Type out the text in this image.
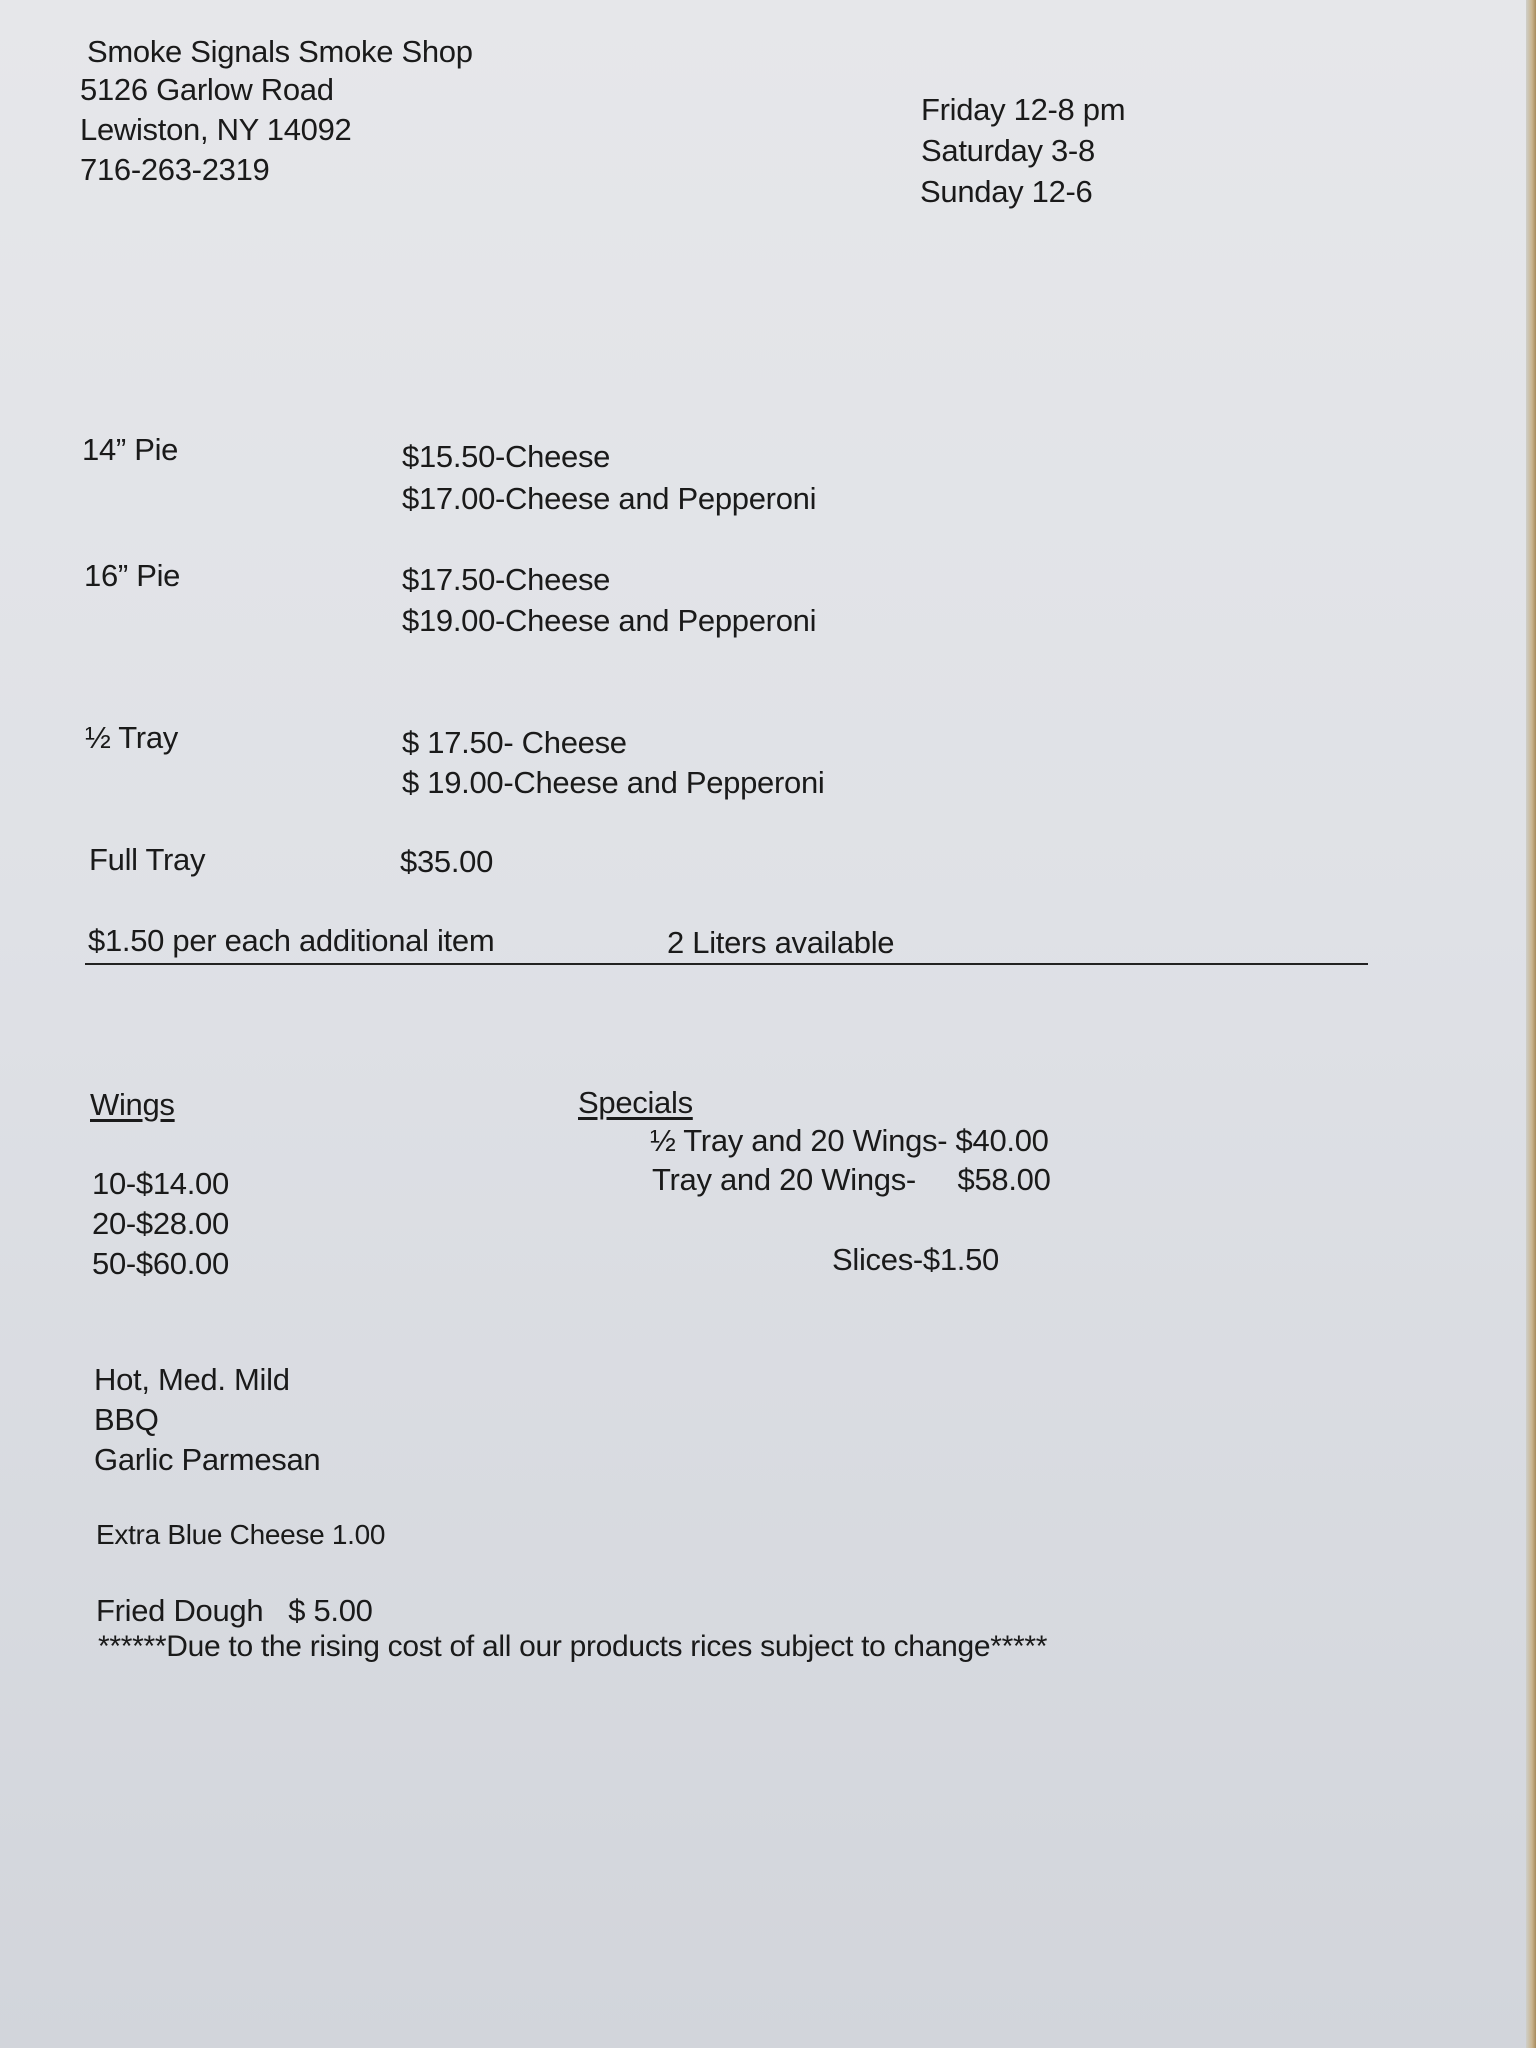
Smoke Signals Smoke Shop

5126 Garlow Road

Lewiston, NY 14092

716-263-2319

Friday 12-8 pm

Saturday 3-8

Sunday 12-6

14” Pie	$15.50-Cheese

$17.00-Cheese and Pepperoni

16” Pie	$17.50-Cheese

$19.00-Cheese and Pepperoni

½ Tray	$ 17.50- Cheese

$ 19.00-Cheese and Pepperoni

Full Tray	$35.00

$1.50 per each additional item	2 Liters available

Wings

10-$14.00

20-$28.00

50-$60.00

Hot, Med. Mild

BBQ

Garlic Parmesan

Extra Blue Cheese 1.00

Specials

½ Tray and 20 Wings- $40.00

Tray and 20 Wings-     $58.00

Slices-$1.50

Fried Dough   $ 5.00

******Due to the rising cost of all our products rices subject to change*****
